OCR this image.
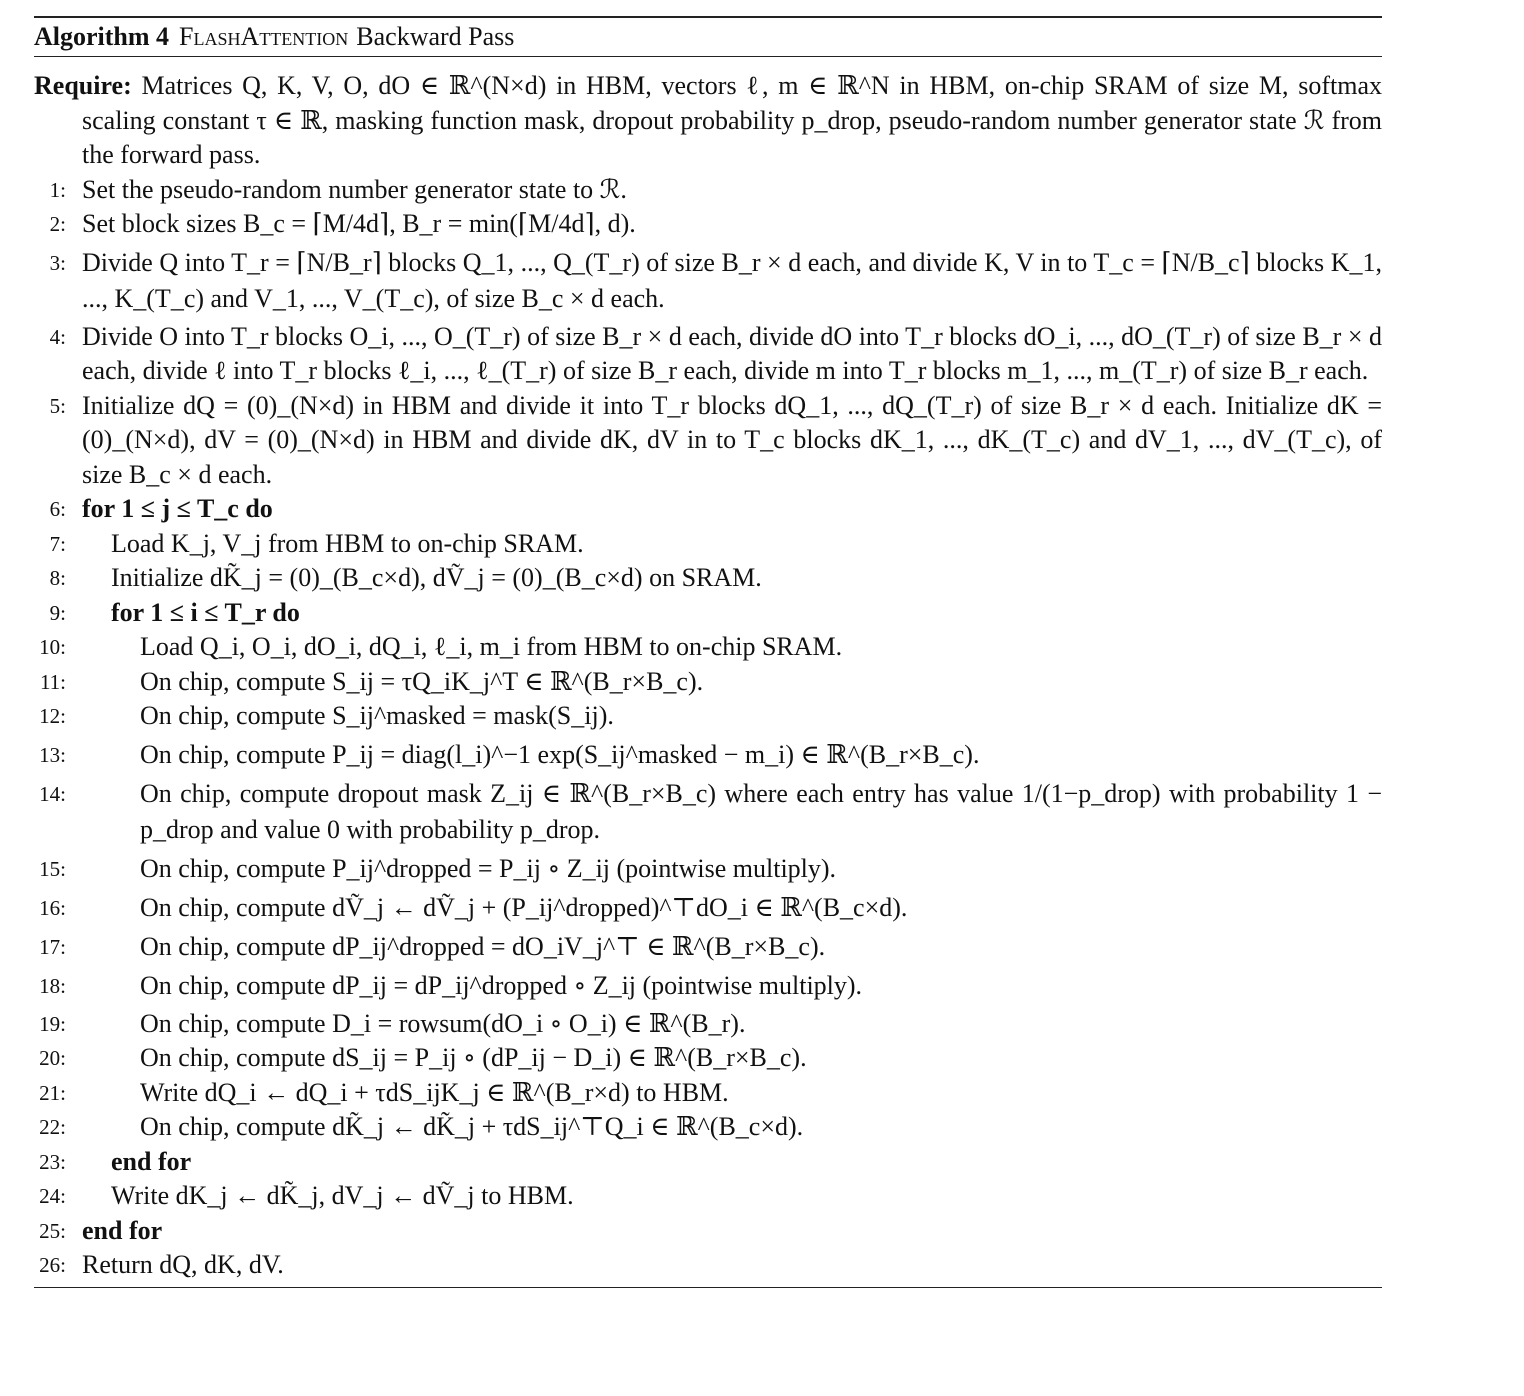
Algorithm 4 FlashAttention Backward Pass
Require: Matrices Q, K, V, O, dO ∈ ℝ^(N×d) in HBM, vectors ℓ, m ∈ ℝ^N in HBM, on-chip SRAM of size M, softmax scaling constant τ ∈ ℝ, masking function mask, dropout probability p_drop, pseudo-random number generator state ℛ from the forward pass.
1: Set the pseudo-random number generator state to ℛ.
2: Set block sizes B_c = ⌈M/4d⌉, B_r = min(⌈M/4d⌉, d).
3: Divide Q into T_r = ⌈N/B_r⌉ blocks Q_1, ..., Q_(T_r) of size B_r × d each, and divide K, V in to T_c = ⌈N/B_c⌉ blocks K_1, ..., K_(T_c) and V_1, ..., V_(T_c), of size B_c × d each.
4: Divide O into T_r blocks O_i, ..., O_(T_r) of size B_r × d each, divide dO into T_r blocks dO_i, ..., dO_(T_r) of size B_r × d each, divide ℓ into T_r blocks ℓ_i, ..., ℓ_(T_r) of size B_r each, divide m into T_r blocks m_1, ..., m_(T_r) of size B_r each.
5: Initialize dQ = (0)_(N×d) in HBM and divide it into T_r blocks dQ_1, ..., dQ_(T_r) of size B_r × d each. Initialize dK = (0)_(N×d), dV = (0)_(N×d) in HBM and divide dK, dV in to T_c blocks dK_1, ..., dK_(T_c) and dV_1, ..., dV_(T_c), of size B_c × d each.
6: for 1 ≤ j ≤ T_c do
7: Load K_j, V_j from HBM to on-chip SRAM.
8: Initialize dK̃_j = (0)_(B_c×d), dṼ_j = (0)_(B_c×d) on SRAM.
9: for 1 ≤ i ≤ T_r do
10:	Load Q_i, O_i, dO_i, dQ_i, ℓ_i, m_i from HBM to on-chip SRAM.
11:	On chip, compute S_ij = τQ_iK_j^T ∈ ℝ^(B_r×B_c).
12:	On chip, compute S_ij^masked = mask(S_ij).
13:	On chip, compute P_ij = diag(l_i)^−1 exp(S_ij^masked − m_i) ∈ ℝ^(B_r×B_c).
14:	On chip, compute dropout mask Z_ij ∈ ℝ^(B_r×B_c) where each entry has value 1/(1−p_drop) with probability 1 − p_drop and value 0 with probability p_drop.
15:	On chip, compute P_ij^dropped = P_ij ∘ Z_ij (pointwise multiply).
16:	On chip, compute dṼ_j ← dṼ_j + (P_ij^dropped)^⊤dO_i ∈ ℝ^(B_c×d).
17:	On chip, compute dP_ij^dropped = dO_iV_j^⊤ ∈ ℝ^(B_r×B_c).
18:	On chip, compute dP_ij = dP_ij^dropped ∘ Z_ij (pointwise multiply).
19:	On chip, compute D_i = rowsum(dO_i ∘ O_i) ∈ ℝ^(B_r).
20:	On chip, compute dS_ij = P_ij ∘ (dP_ij − D_i) ∈ ℝ^(B_r×B_c).
21:	Write dQ_i ← dQ_i + τdS_ijK_j ∈ ℝ^(B_r×d) to HBM.
22:	On chip, compute dK̃_j ← dK̃_j + τdS_ij^⊤Q_i ∈ ℝ^(B_c×d).
23: end for
24: Write dK_j ← dK̃_j, dV_j ← dṼ_j to HBM.
25: end for
26: Return dQ, dK, dV.
